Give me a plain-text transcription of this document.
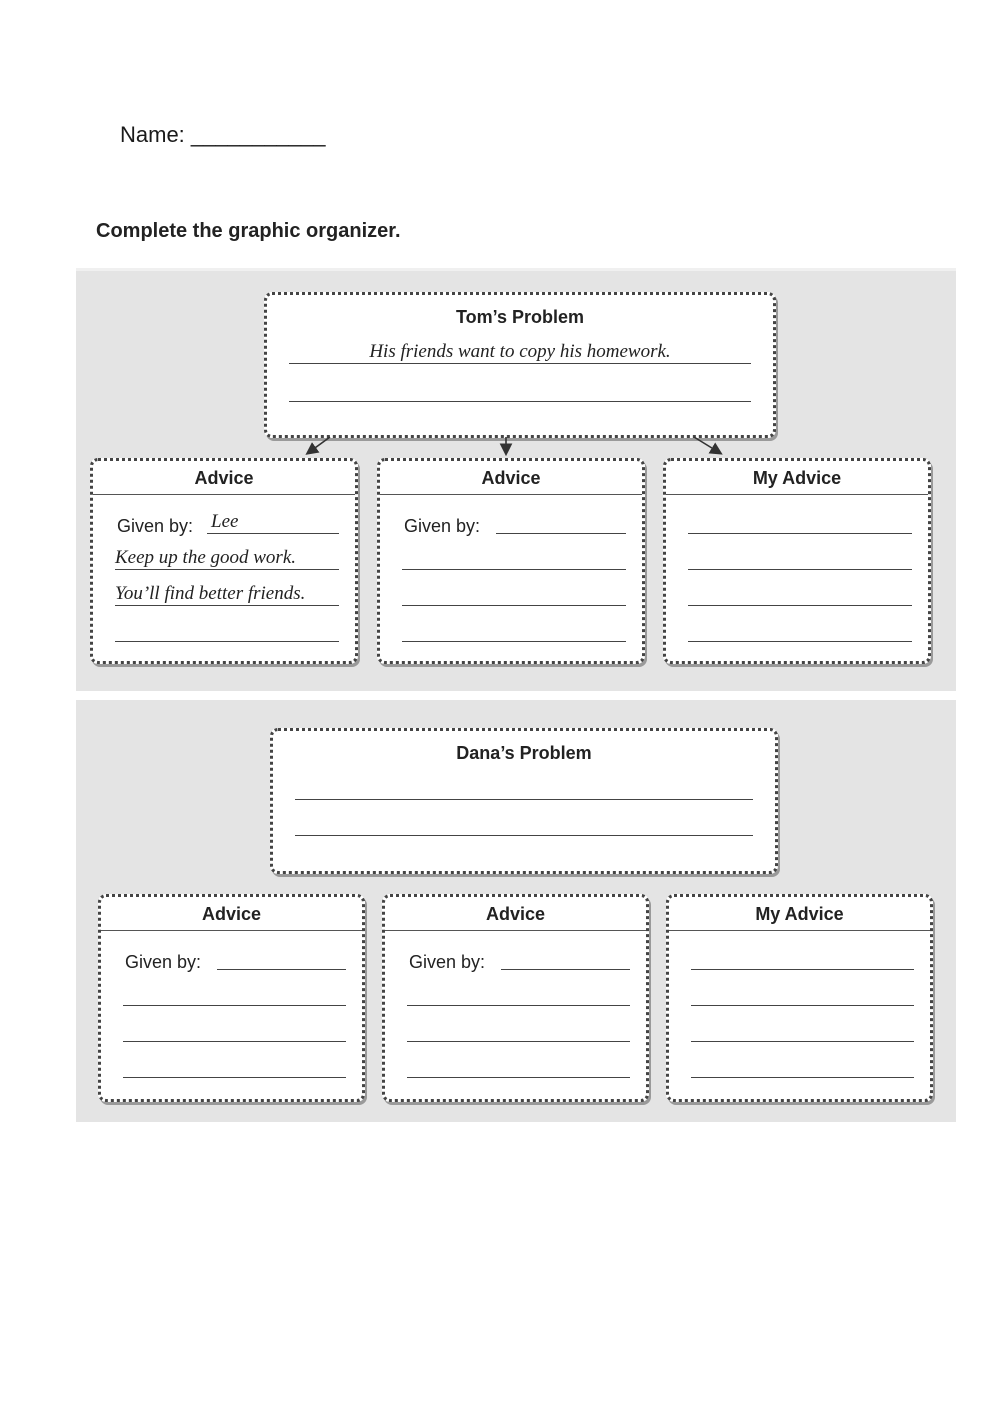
Name: ___________
Complete the graphic organizer.
Tom’s Problem
His friends want to copy his homework.
Advice
Given by: Lee
Keep up the good work.
You’ll find better friends.
Advice
Given by:
My Advice
Dana’s Problem
Advice
Given by:
Advice
Given by:
My Advice
